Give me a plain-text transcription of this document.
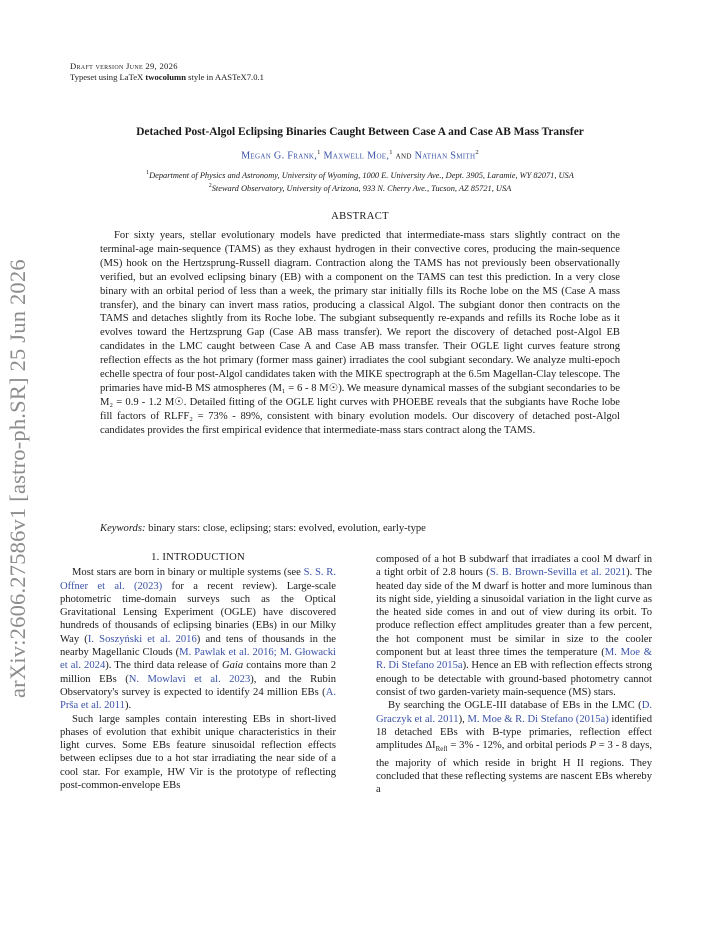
arXiv:2606.27586v1 [astro-ph.SR] 25 Jun 2026
Draft version June 29, 2026
Typeset using LaTeX twocolumn style in AASTeX7.0.1
Detached Post-Algol Eclipsing Binaries Caught Between Case A and Case AB Mass Transfer
Megan G. Frank,$^1$ Maxwell Moe,$^1$ and Nathan Smith$^2$
$^1$Department of Physics and Astronomy, University of Wyoming, 1000 E. University Ave., Dept. 3905, Laramie, WY 82071, USA
$^2$Steward Observatory, University of Arizona, 933 N. Cherry Ave., Tucson, AZ 85721, USA
ABSTRACT

For sixty years, stellar evolutionary models have predicted that intermediate-mass stars slightly contract on the terminal-age main-sequence (TAMS) as they exhaust hydrogen in their convective cores, producing the main-sequence (MS) hook on the Hertzsprung-Russell diagram. Contraction along the TAMS has not previously been observationally verified, but an evolved eclipsing binary (EB) with a component on the TAMS can test this prediction. In a very close binary with an orbital period of less than a week, the primary star initially fills its Roche lobe on the MS (Case A mass transfer), and the binary can invert mass ratios, producing a classical Algol. The subgiant donor then contracts on the TAMS and detaches slightly from its Roche lobe. The subgiant subsequently re-expands and refills its Roche lobe as it evolves toward the Hertzsprung Gap (Case AB mass transfer). We report the discovery of detached post-Algol EB candidates in the LMC caught between Case A and Case AB mass transfer. Their OGLE light curves feature strong reflection effects as the hot primary (former mass gainer) irradiates the cool subgiant secondary. We analyze multi-epoch echelle spectra of four post-Algol candidates taken with the MIKE spectrograph at the 6.5m Magellan-Clay telescope. The primaries have mid-B MS atmospheres (M₁ = 6 - 8 M☉). We measure dynamical masses of the subgiant secondaries to be M₂ = 0.9 - 1.2 M☉. Detailed fitting of the OGLE light curves with PHOEBE reveals that the subgiants have Roche lobe fill factors of RLFF₂ = 73% - 89%, consistent with binary evolution models. Our discovery of detached post-Algol candidates provides the first empirical evidence that intermediate-mass stars contract along the TAMS.

Keywords: binary stars: close, eclipsing; stars: evolved, evolution, early-type
1. INTRODUCTION

Most stars are born in binary or multiple systems (see S. S. R. Offner et al. (2023) for a recent review). Large-scale photometric time-domain surveys such as the Optical Gravitational Lensing Experiment (OGLE) have discovered hundreds of thousands of eclipsing binaries (EBs) in our Milky Way (I. Soszyński et al. 2016) and tens of thousands in the nearby Magellanic Clouds (M. Pawlak et al. 2016; M. Głowacki et al. 2024). The third data release of Gaia contains more than 2 million EBs (N. Mowlavi et al. 2023), and the Rubin Observatory's survey is expected to identify 24 million EBs (A. Prša et al. 2011).

Such large samples contain interesting EBs in short-lived phases of evolution that exhibit unique characteristics in their light curves. Some EBs feature sinusoidal reflection effects between eclipses due to a hot star irradiating the near side of a cool star. For example, HW Vir is the prototype of reflecting post-common-envelope EBs

composed of a hot B subdwarf that irradiates a cool M dwarf in a tight orbit of 2.8 hours (S. B. Brown-Sevilla et al. 2021). The heated day side of the M dwarf is hotter and more luminous than its night side, yielding a sinusoidal variation in the light curve as the heated side comes in and out of view during its orbit. To produce reflection effect amplitudes greater than a few percent, the hot component must be similar in size to the cooler component but at least three times the temperature (M. Moe & R. Di Stefano 2015a). Hence an EB with reflection effects strong enough to be detectable with ground-based photometry cannot consist of two garden-variety main-sequence (MS) stars.

By searching the OGLE-III database of EBs in the LMC (D. Graczyk et al. 2011), M. Moe & R. Di Stefano (2015a) identified 18 detached EBs with B-type primaries, reflection effect amplitudes $\Delta I_{Refl} = 3\% - 12\%$, and orbital periods P = 3 - 8 days, the majority of which reside in bright H II regions. They concluded that these reflecting systems are nascent EBs whereby a
